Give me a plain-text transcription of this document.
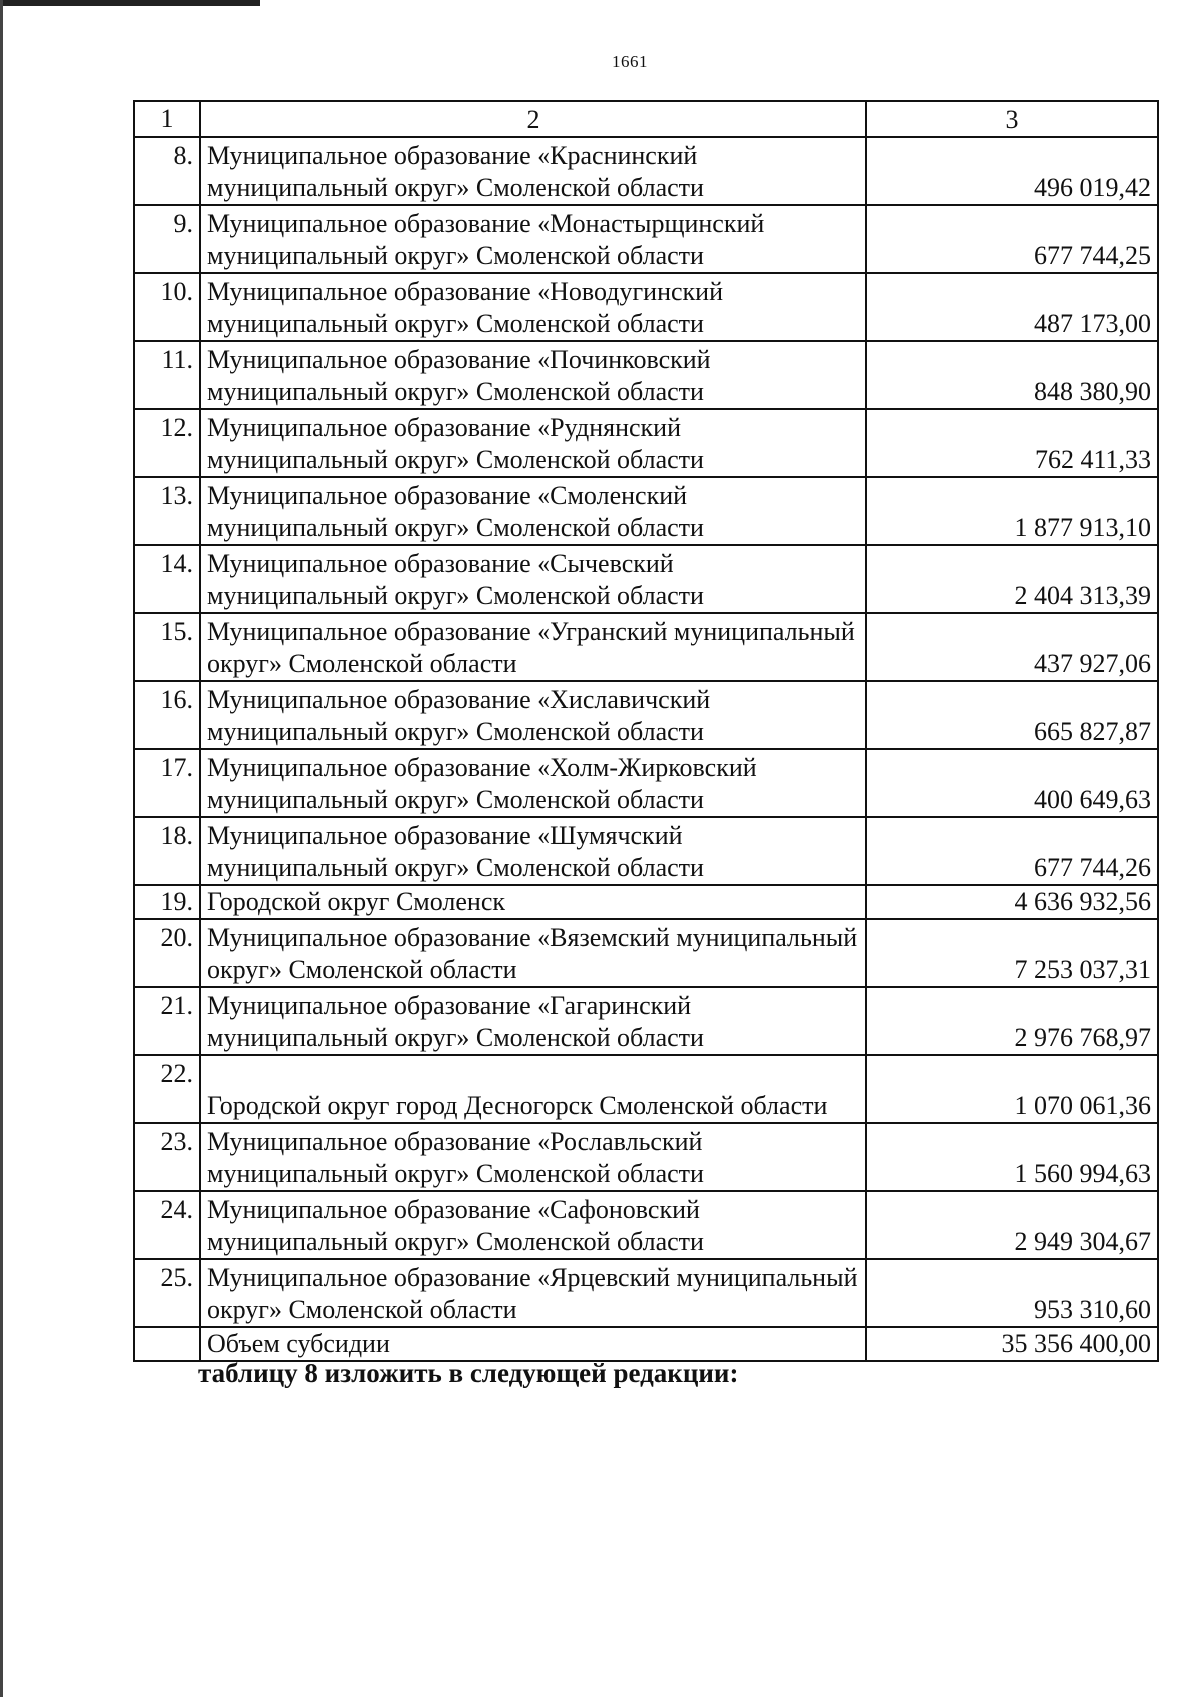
1661
1	2	3
8.	Муниципальное образование «Краснинский муниципальный округ» Смоленской области	496 019,42
9.	Муниципальное образование «Монастырщинский муниципальный округ» Смоленской области	677 744,25
10.	Муниципальное образование «Новодугинский муниципальный округ» Смоленской области	487 173,00
11.	Муниципальное образование «Починковский муниципальный округ» Смоленской области	848 380,90
12.	Муниципальное образование «Руднянский муниципальный округ» Смоленской области	762 411,33
13.	Муниципальное образование «Смоленский муниципальный округ» Смоленской области	1 877 913,10
14.	Муниципальное образование «Сычевский муниципальный округ» Смоленской области	2 404 313,39
15.	Муниципальное образование «Угранский муниципальный округ» Смоленской области	437 927,06
16.	Муниципальное образование «Хиславичский муниципальный округ» Смоленской области	665 827,87
17.	Муниципальное образование «Холм-Жирковский муниципальный округ» Смоленской области	400 649,63
18.	Муниципальное образование «Шумячский муниципальный округ» Смоленской области	677 744,26
19.	Городской округ Смоленск	4 636 932,56
20.	Муниципальное образование «Вяземский муниципальный округ» Смоленской области	7 253 037,31
21.	Муниципальное образование «Гагаринский муниципальный округ» Смоленской области	2 976 768,97
22.	Городской округ город Десногорск Смоленской области	1 070 061,36
23.	Муниципальное образование «Рославльский муниципальный округ» Смоленской области	1 560 994,63
24.	Муниципальное образование «Сафоновский муниципальный округ» Смоленской области	2 949 304,67
25.	Муниципальное образование «Ярцевский муниципальный округ» Смоленской области	953 310,60
	Объем субсидии	35 356 400,00
таблицу 8 изложить в следующей редакции:
